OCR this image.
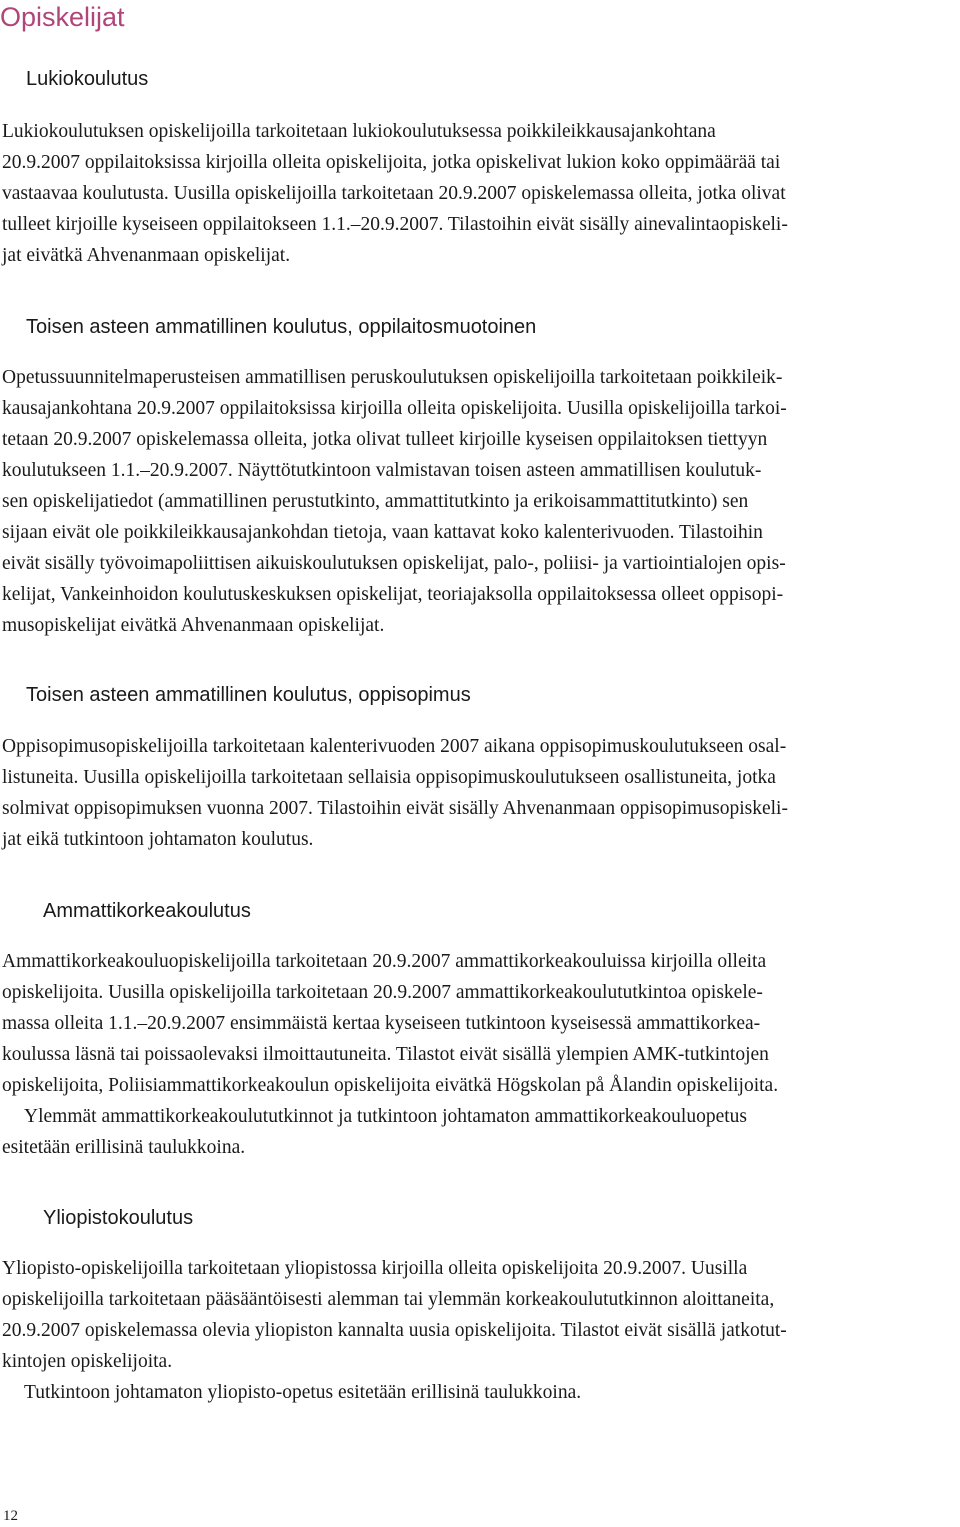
Opiskelijat
Lukiokoulutus
Lukiokoulutuksen opiskelijoilla tarkoitetaan lukiokoulutuksessa poikkileikkausajankohtana
20.9.2007 oppilaitoksissa kirjoilla olleita opiskelijoita, jotka opiskelivat lukion koko oppimäärää tai
vastaavaa koulutusta. Uusilla opiskelijoilla tarkoitetaan 20.9.2007 opiskelemassa olleita, jotka olivat
tulleet kirjoille kyseiseen oppilaitokseen 1.1.–20.9.2007. Tilastoihin eivät sisälly ainevalintaopiskeli-
jat eivätkä Ahvenanmaan opiskelijat.
Toisen asteen ammatillinen koulutus, oppilaitosmuotoinen
Opetussuunnitelmaperusteisen ammatillisen peruskoulutuksen opiskelijoilla tarkoitetaan poikkileik-
kausajankohtana 20.9.2007 oppilaitoksissa kirjoilla olleita opiskelijoita. Uusilla opiskelijoilla tarkoi-
tetaan 20.9.2007 opiskelemassa olleita, jotka olivat tulleet kirjoille kyseisen oppilaitoksen tiettyyn
koulutukseen 1.1.–20.9.2007. Näyttötutkintoon valmistavan toisen asteen ammatillisen koulutuk-
sen opiskelijatiedot (ammatillinen perustutkinto, ammattitutkinto ja erikoisammattitutkinto) sen
sijaan eivät ole poikkileikkausajankohdan tietoja, vaan kattavat koko kalenterivuoden. Tilastoihin
eivät sisälly työvoimapoliittisen aikuiskoulutuksen opiskelijat, palo-, poliisi- ja vartiointialojen opis-
kelijat, Vankeinhoidon koulutuskeskuksen opiskelijat, teoriajaksolla oppilaitoksessa olleet oppisopi-
musopiskelijat eivätkä Ahvenanmaan opiskelijat.
Toisen asteen ammatillinen koulutus, oppisopimus
Oppisopimusopiskelijoilla tarkoitetaan kalenterivuoden 2007 aikana oppisopimuskoulutukseen osal-
listuneita. Uusilla opiskelijoilla tarkoitetaan sellaisia oppisopimuskoulutukseen osallistuneita, jotka
solmivat oppisopimuksen vuonna 2007. Tilastoihin eivät sisälly Ahvenanmaan oppisopimusopiskeli-
jat eikä tutkintoon johtamaton koulutus.
Ammattikorkeakoulutus
Ammattikorkeakouluopiskelijoilla tarkoitetaan 20.9.2007 ammattikorkeakouluissa kirjoilla olleita
opiskelijoita. Uusilla opiskelijoilla tarkoitetaan 20.9.2007 ammattikorkeakoulututkintoa opiskele-
massa olleita 1.1.–20.9.2007 ensimmäistä kertaa kyseiseen tutkintoon kyseisessä ammattikorkea-
koulussa läsnä tai poissaolevaksi ilmoittautuneita. Tilastot eivät sisällä ylempien AMK-tutkintojen
opiskelijoita, Poliisiammattikorkeakoulun opiskelijoita eivätkä Högskolan på Ålandin opiskelijoita.
Ylemmät ammattikorkeakoulututkinnot ja tutkintoon johtamaton ammattikorkeakouluopetus
esitetään erillisinä taulukkoina.
Yliopistokoulutus
Yliopisto-opiskelijoilla tarkoitetaan yliopistossa kirjoilla olleita opiskelijoita 20.9.2007. Uusilla
opiskelijoilla tarkoitetaan pääsääntöisesti alemman tai ylemmän korkeakoulututkinnon aloittaneita,
20.9.2007 opiskelemassa olevia yliopiston kannalta uusia opiskelijoita. Tilastot eivät sisällä jatkotut-
kintojen opiskelijoita.
Tutkintoon johtamaton yliopisto-opetus esitetään erillisinä taulukkoina.
12
